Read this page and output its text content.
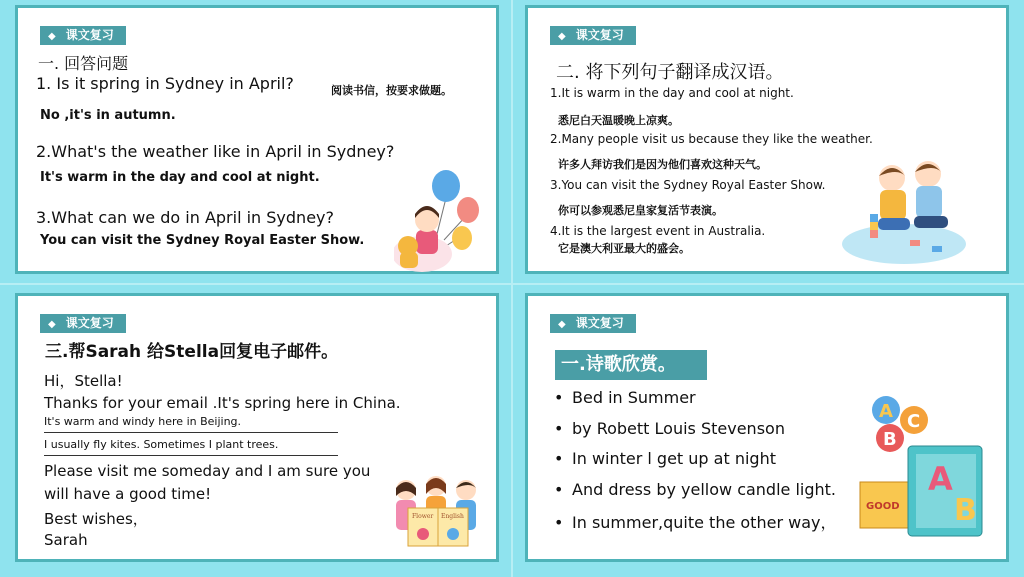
◆ 课文复习
一. 回答问题
1. Is it spring in Sydney in April?	阅读书信，按要求做题。
No ,it's in autumn.
2.What's the weather like in April in Sydney?
It's warm in the day and cool at night.
3.What can we do in April in Sydney?
You can visit the Sydney Royal Easter Show.
◆ 课文复习
二. 将下列句子翻译成汉语。
1.It is warm in the day and cool at night.
悉尼白天温暖晚上凉爽。
2.Many people visit us because they like the weather.
许多人拜访我们是因为他们喜欢这种天气。
3.You can visit the Sydney Royal Easter Show.
你可以参观悉尼皇家复活节表演。
4.It is the largest event in Australia.
它是澳大利亚最大的盛会。
◆ 课文复习
三.帮Sarah 给Stella回复电子邮件。
Hi，Stella!
Thanks for your email .It's spring here in China.
It's warm and windy here in Beijing.
I usually fly kites. Sometimes I plant trees.
Please visit me someday and I am sure you
will have a good time!
Best wishes，
Sarah
Flower English
◆ 课文复习
一.诗歌欣赏。
• Bed in Summer
• by Robett Louis Stevenson
• In winter l get up at night
• And dress by yellow candle light.
• In summer,quite the other way，
A C
B
GOOD
A
B
